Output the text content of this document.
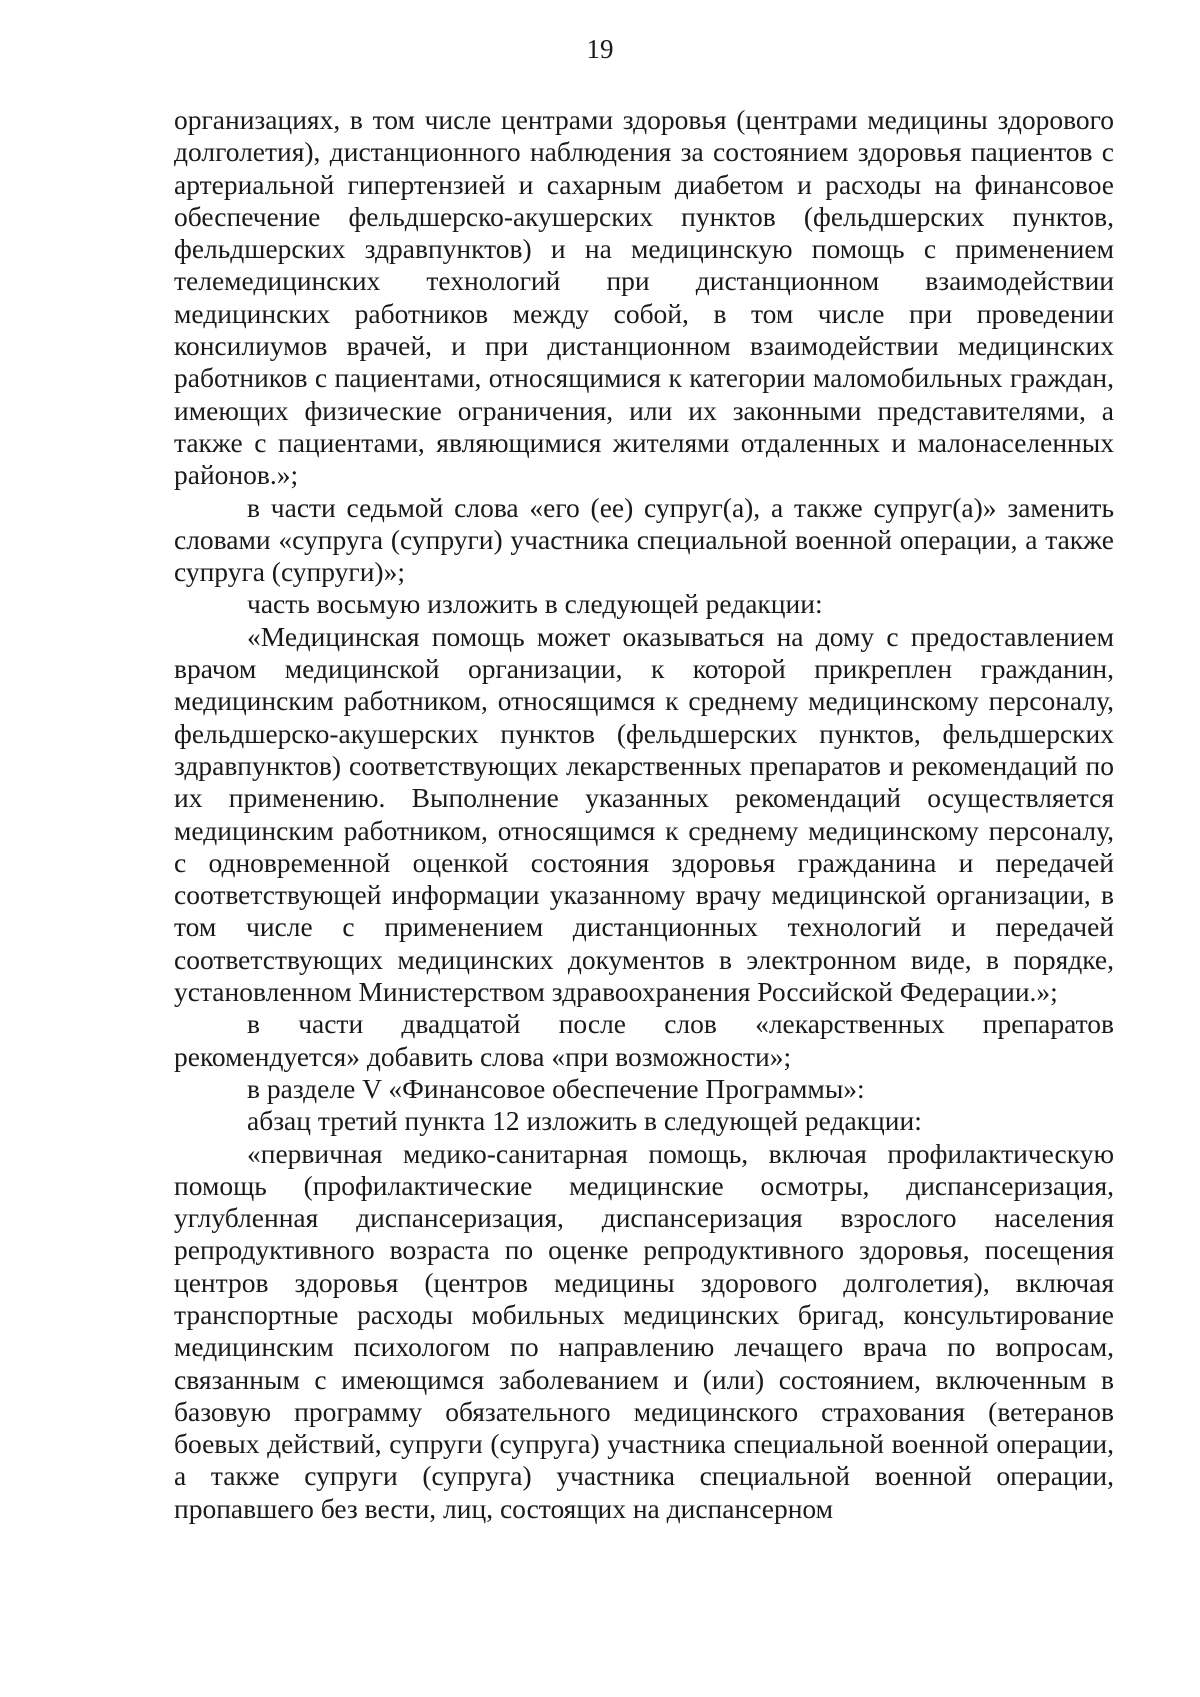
19

организациях, в том числе центрами здоровья (центрами медицины здорового долголетия), дистанционного наблюдения за состоянием здоровья пациентов с артериальной гипертензией и сахарным диабетом и расходы на финансовое обеспечение фельдшерско-акушерских пунктов (фельдшерских пунктов, фельдшерских здравпунктов) и на медицинскую помощь с применением телемедицинских технологий при дистанционном взаимодействии медицинских работников между собой, в том числе при проведении консилиумов врачей, и при дистанционном взаимодействии медицинских работников с пациентами, относящимися к категории маломобильных граждан, имеющих физические ограничения, или их законными представителями, а также с пациентами, являющимися жителями отдаленных и малонаселенных районов.»;

в части седьмой слова «его (ее) супруг(а), а также супруг(а)» заменить словами «супруга (супруги) участника специальной военной операции, а также супруга (супруги)»;

часть восьмую изложить в следующей редакции:

«Медицинская помощь может оказываться на дому с предоставлением врачом медицинской организации, к которой прикреплен гражданин, медицинским работником, относящимся к среднему медицинскому персоналу, фельдшерско-акушерских пунктов (фельдшерских пунктов, фельдшерских здравпунктов) соответствующих лекарственных препаратов и рекомендаций по их применению. Выполнение указанных рекомендаций осуществляется медицинским работником, относящимся к среднему медицинскому персоналу, с одновременной оценкой состояния здоровья гражданина и передачей соответствующей информации указанному врачу медицинской организации, в том числе с применением дистанционных технологий и передачей соответствующих медицинских документов в электронном виде, в порядке, установленном Министерством здравоохранения Российской Федерации.»;

в части двадцатой после слов «лекарственных препаратов рекомендуется» добавить слова «при возможности»;

в разделе V «Финансовое обеспечение Программы»:

абзац третий пункта 12 изложить в следующей редакции:

«первичная медико-санитарная помощь, включая профилактическую помощь (профилактические медицинские осмотры, диспансеризация, углубленная диспансеризация, диспансеризация взрослого населения репродуктивного возраста по оценке репродуктивного здоровья, посещения центров здоровья (центров медицины здорового долголетия), включая транспортные расходы мобильных медицинских бригад, консультирование медицинским психологом по направлению лечащего врача по вопросам, связанным с имеющимся заболеванием и (или) состоянием, включенным в базовую программу обязательного медицинского страхования (ветеранов боевых действий, супруги (супруга) участника специальной военной операции, а также супруги (супруга) участника специальной военной операции, пропавшего без вести, лиц, состоящих на диспансерном
